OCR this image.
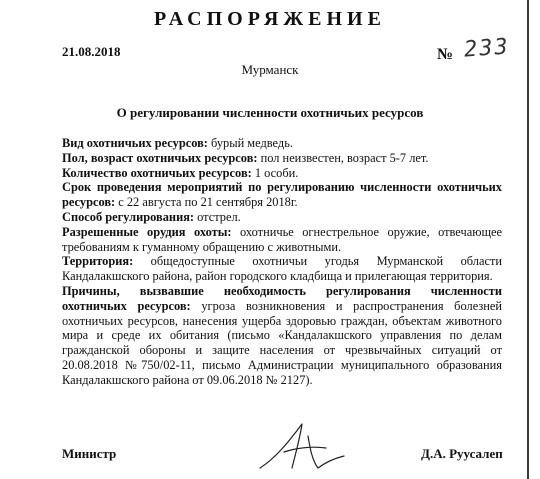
РАСПОРЯЖЕНИЕ
21.08.2018	№ 233
Мурманск
О регулировании численности охотничьих ресурсов

Вид охотничьих ресурсов: бурый медведь.

Пол, возраст охотничьих ресурсов: пол неизвестен, возраст 5-7 лет.

Количество охотничьих ресурсов: 1 особи.

Срок проведения мероприятий по регулированию численности охотничьих ресурсов: с 22 августа по 21 сентября 2018г.

Способ регулирования: отстрел.

Разрешенные орудия охоты: охотничье огнестрельное оружие, отвечающее требованиям к гуманному обращению с животными.

Территория: общедоступные охотничьи угодья Мурманской области Кандалакшского района, район городского кладбища и прилегающая территория.

Причины, вызвавшие необходимость регулирования численности охотничьих ресурсов: угроза возникновения и распространения болезней охотничьих ресурсов, нанесения ущерба здоровью граждан, объектам животного мира и среде их обитания (письмо «Кандалакшского управления по делам гражданской обороны и защите населения от чрезвычайных ситуаций от 20.08.2018 №750/02-11, письмо Администрации муниципального образования Кандалакшского района от 09.06.2018 № 2127).

Министр	Д.А. Руусалеп
